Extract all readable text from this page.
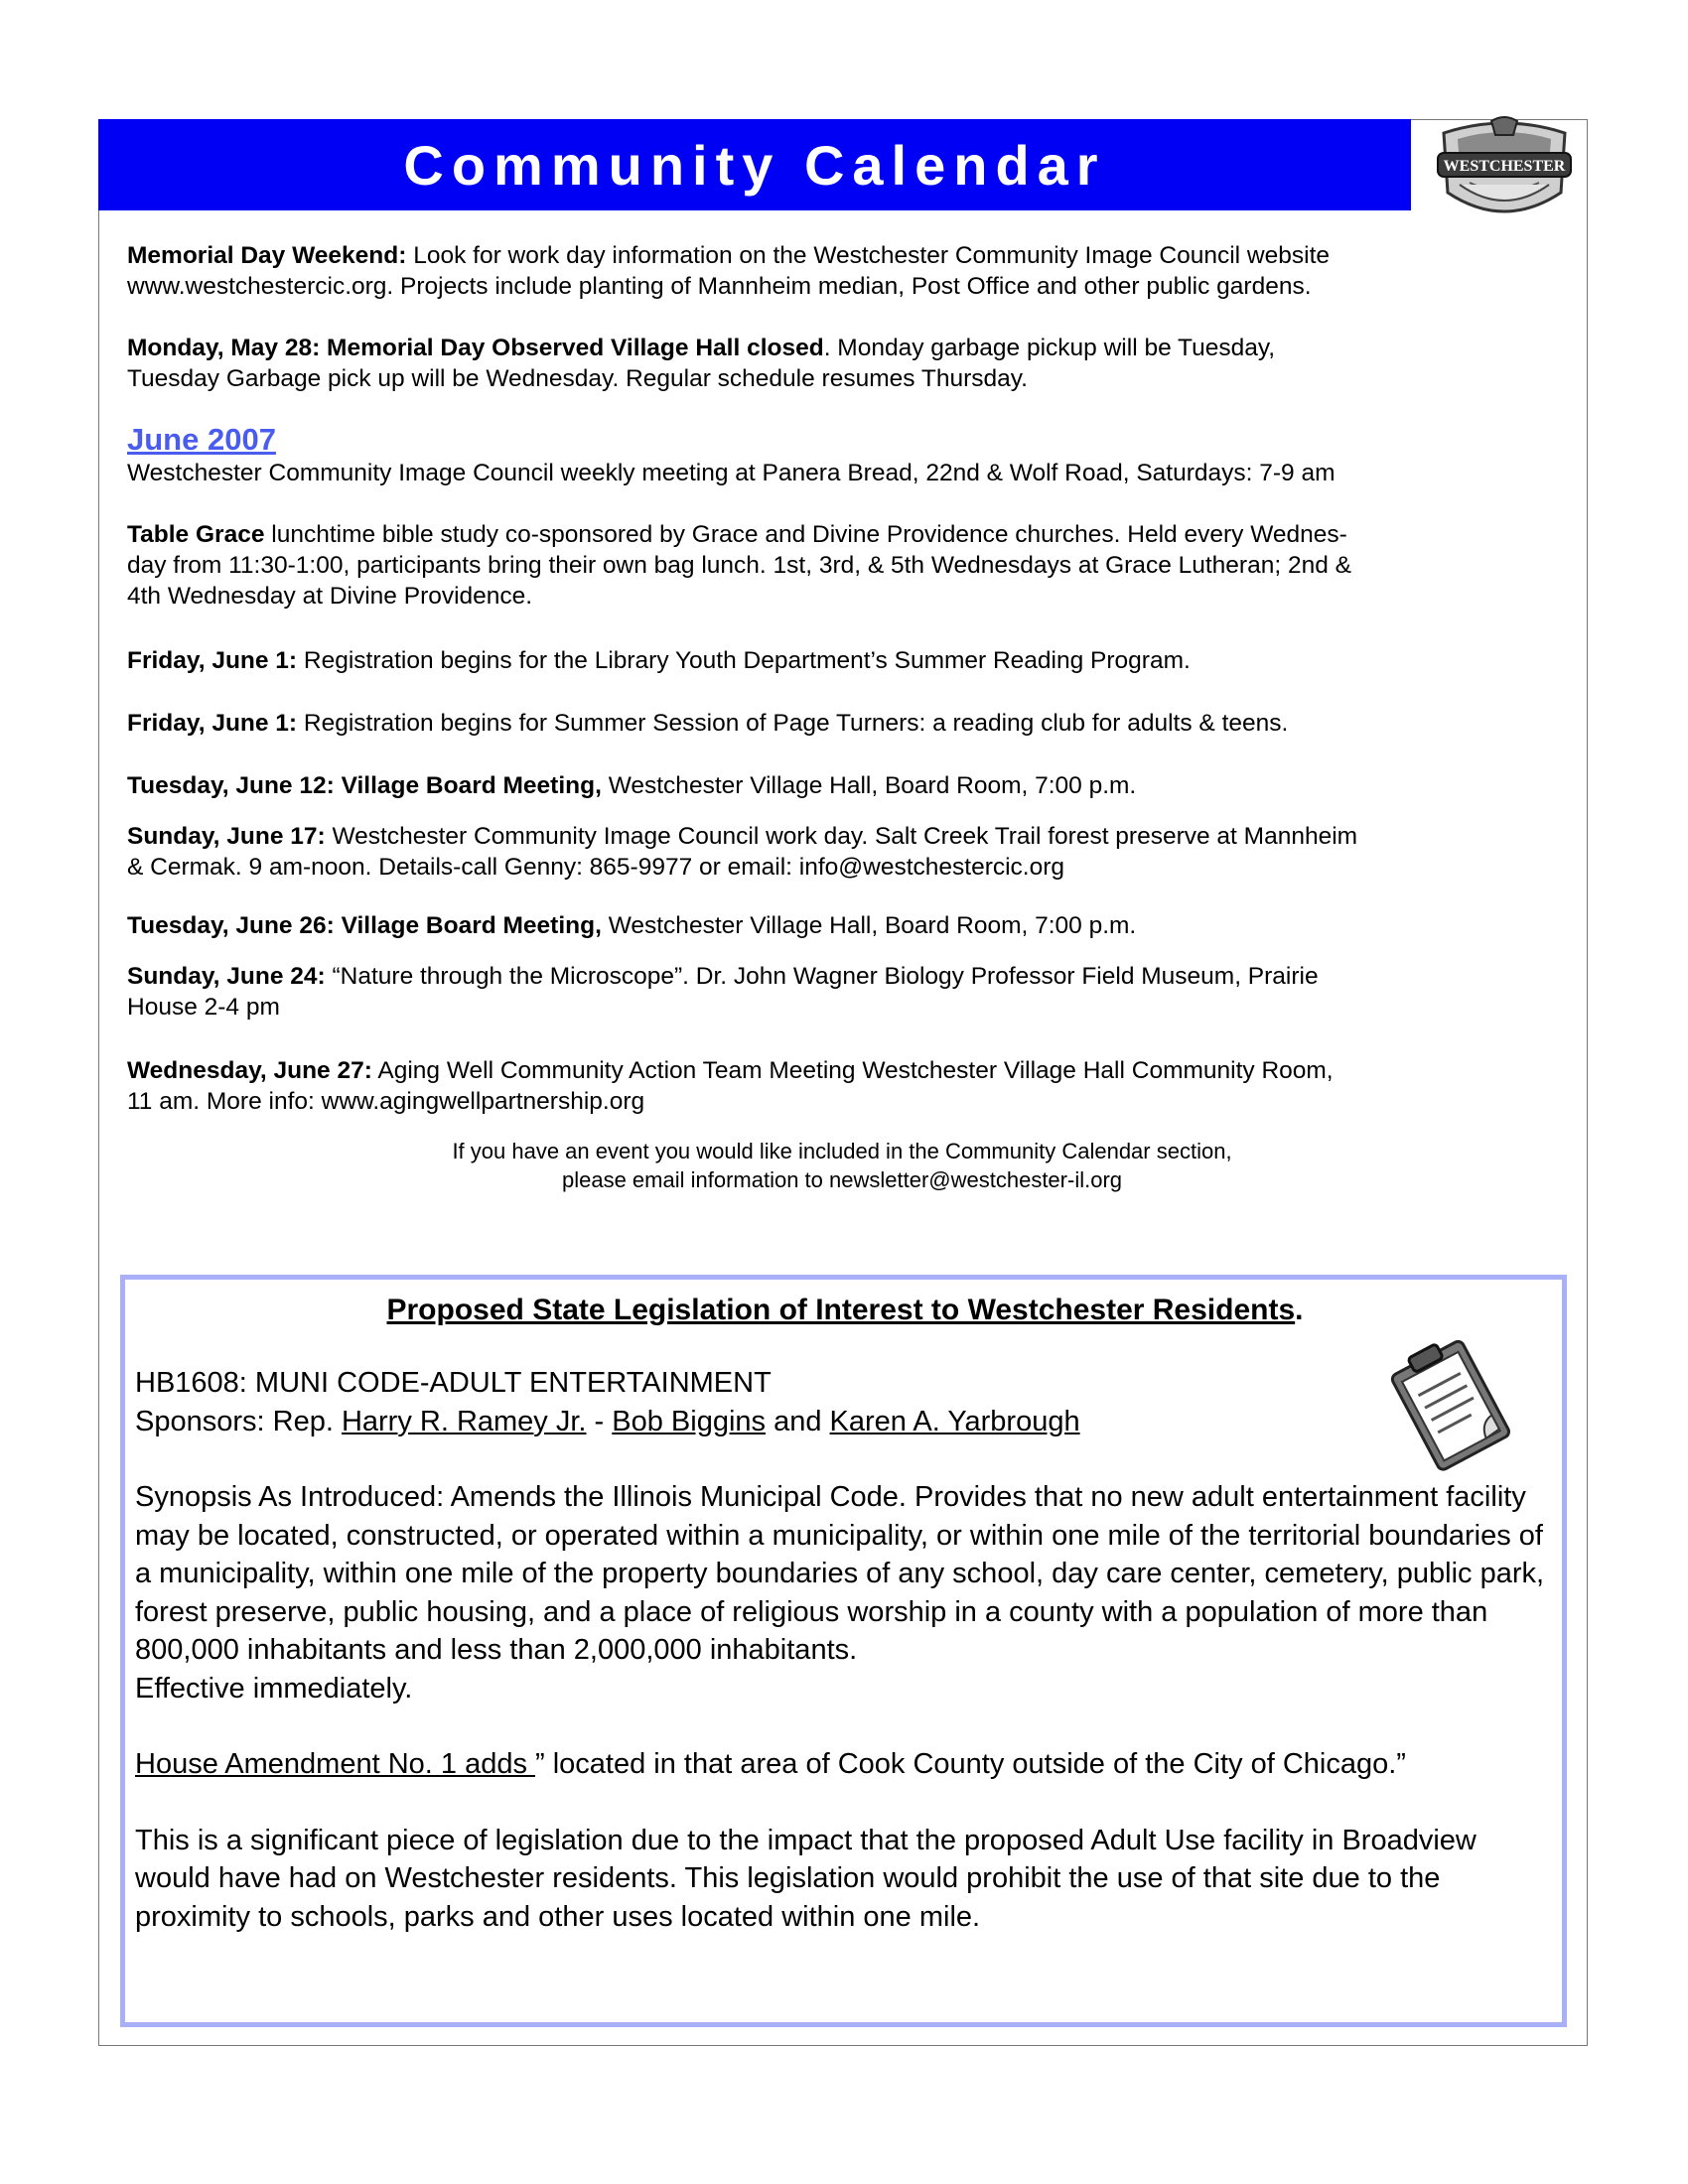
Community Calendar	WESTCHESTER

Memorial Day Weekend: Look for work day information on the Westchester Community Image Council website
www.westchestercic.org. Projects include planting of Mannheim median, Post Office and other public gardens.

Monday, May 28: Memorial Day Observed Village Hall closed. Monday garbage pickup will be Tuesday,
Tuesday Garbage pick up will be Wednesday. Regular schedule resumes Thursday.

June 2007

Westchester Community Image Council weekly meeting at Panera Bread, 22nd & Wolf Road, Saturdays: 7-9 am

Table Grace lunchtime bible study co-sponsored by Grace and Divine Providence churches. Held every Wednes-
day from 11:30-1:00, participants bring their own bag lunch. 1st, 3rd, & 5th Wednesdays at Grace Lutheran; 2nd &
4th Wednesday at Divine Providence.

Friday, June 1: Registration begins for the Library Youth Department’s Summer Reading Program.

Friday, June 1: Registration begins for Summer Session of Page Turners: a reading club for adults & teens.

Tuesday, June 12: Village Board Meeting, Westchester Village Hall, Board Room, 7:00 p.m.

Sunday, June 17: Westchester Community Image Council work day. Salt Creek Trail forest preserve at Mannheim
& Cermak. 9 am-noon. Details-call Genny: 865-9977 or email: info@westchestercic.org

Tuesday, June 26: Village Board Meeting, Westchester Village Hall, Board Room, 7:00 p.m.

Sunday, June 24: “Nature through the Microscope”. Dr. John Wagner Biology Professor Field Museum, Prairie
House 2-4 pm

Wednesday, June 27: Aging Well Community Action Team Meeting Westchester Village Hall Community Room,
11 am. More info: www.agingwellpartnership.org

If you have an event you would like included in the Community Calendar section,
please email information to newsletter@westchester-il.org

Proposed State Legislation of Interest to Westchester Residents.

HB1608: MUNI CODE-ADULT ENTERTAINMENT

Sponsors: Rep. Harry R. Ramey Jr. - Bob Biggins and Karen A. Yarbrough

Synopsis As Introduced: Amends the Illinois Municipal Code. Provides that no new adult entertainment facility may be located, constructed, or operated within a municipality, or within one mile of the territorial boundaries of a municipality, within one mile of the property boundaries of any school, day care center, cemetery, public park, forest preserve, public housing, and a place of religious worship in a county with a population of more than 800,000 inhabitants and less than 2,000,000 inhabitants.

Effective immediately.

House Amendment No. 1 adds ” located in that area of Cook County outside of the City of Chicago.”

This is a significant piece of legislation due to the impact that the proposed Adult Use facility in Broadview would have had on Westchester residents. This legislation would prohibit the use of that site due to the proximity to schools, parks and other uses located within one mile.
